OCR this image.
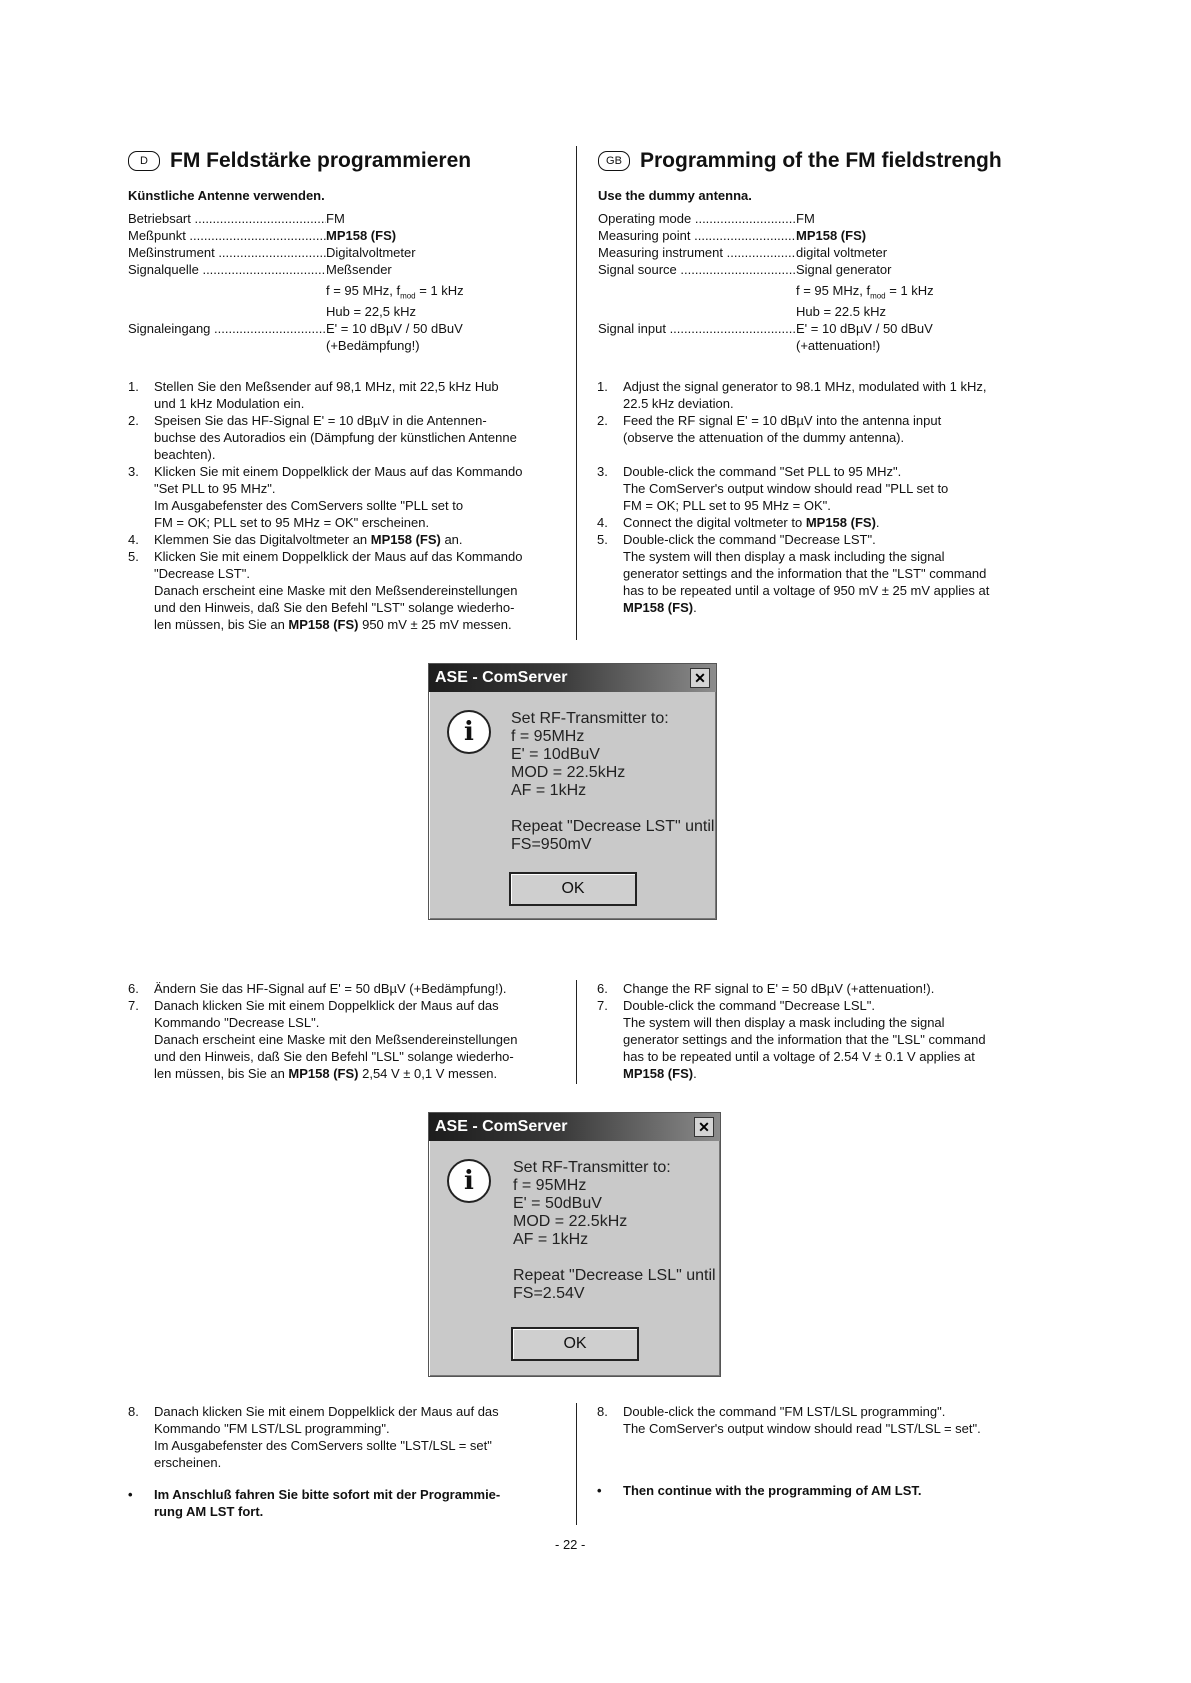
D	FM Feldstärke programmieren
Künstliche Antenne verwenden.
Betriebsart .....	FM
Meßpunkt .....	MP158 (FS)
Meßinstrument .....	Digitalvoltmeter
Signalquelle .....	Meßsender
f = 95 MHz, $f_{mod} = 1$ kHz
Hub = 22,5 kHz
Signaleingang .....	E' = 10 dBµV / 50 dBuV
(+Bedämpfung!)
GB Programming of the FM fieldstrengh
Use the dummy antenna.
Operating mode .....	FM
Measuring point .....	MP158 (FS)
Measuring instrument .....	digital voltmeter
Signal source .....	Signal generator
f = 95 MHz, $f_{mod} = 1$ kHz
Hub = 22.5 kHz
Signal input .....	E' = 10 dBµV / 50 dBuV
(+attenuation!)
1.	Stellen Sie den Meßsender auf 98,1 MHz, mit 22,5 kHz Hub
und 1 kHz Modulation ein.
2.	Speisen Sie das HF-Signal E' = 10 dBµV in die Antennen-
buchse des Autoradios ein (Dämpfung der künstlichen Antenne
beachten).
3.	Klicken Sie mit einem Doppelklick der Maus auf das Kommando
"Set PLL to 95 MHz".
Im Ausgabefenster des ComServers sollte "PLL set to
FM = OK; PLL set to 95 MHz = OK" erscheinen.
4.	Klemmen Sie das Digitalvoltmeter an MP158 (FS) an.
5.	Klicken Sie mit einem Doppelklick der Maus auf das Kommando
"Decrease LST".
Danach erscheint eine Maske mit den Meßsendereinstellungen
und den Hinweis, daß Sie den Befehl "LST" solange wiederho-
len müssen, bis Sie an MP158 (FS) 950 mV ± 25 mV messen.
1.	Adjust the signal generator to 98.1 MHz, modulated with 1 kHz,
22.5 kHz deviation.
2.	Feed the RF signal E' = 10 dBµV into the antenna input
(observe the attenuation of the dummy antenna).

3.	Double-click the command "Set PLL to 95 MHz".
The ComServer's output window should read "PLL set to
FM = OK; PLL set to 95 MHz = OK".
4.	Connect the digital voltmeter to MP158 (FS).
5.	Double-click the command "Decrease LST".
The system will then display a mask including the signal
generator settings and the information that the "LST" command
has to be repeated until a voltage of 950 mV ± 25 mV applies at
MP158 (FS).
ASE - ComServer	✕
i	Set RF-Transmitter to:
f = 95MHz
E' = 10dBuV
MOD = 22.5kHz
AF = 1kHz

Repeat "Decrease LST" until
FS=950mV
OK
6.	Ändern Sie das HF-Signal auf E' = 50 dBµV (+Bedämpfung!).
7.	Danach klicken Sie mit einem Doppelklick der Maus auf das
Kommando "Decrease LSL".
Danach erscheint eine Maske mit den Meßsendereinstellungen
und den Hinweis, daß Sie den Befehl "LSL" solange wiederho-
len müssen, bis Sie an MP158 (FS) 2,54 V ± 0,1 V messen.
6.	Change the RF signal to E' = 50 dBµV (+attenuation!).
7.	Double-click the command "Decrease LSL".
The system will then display a mask including the signal
generator settings and the information that the "LSL" command
has to be repeated until a voltage of 2.54 V ± 0.1 V applies at
MP158 (FS).
ASE - ComServer	✕
i	Set RF-Transmitter to:
f = 95MHz
E' = 50dBuV
MOD = 22.5kHz
AF = 1kHz

Repeat "Decrease LSL" until
FS=2.54V
OK
8.	Danach klicken Sie mit einem Doppelklick der Maus auf das
Kommando "FM LST/LSL programming".
Im Ausgabefenster des ComServers sollte "LST/LSL = set"
erscheinen.
•	Im Anschluß fahren Sie bitte sofort mit der Programmie-
rung AM LST fort.
8.	Double-click the command "FM LST/LSL programming".
The ComServer's output window should read "LST/LSL = set".
•	Then continue with the programming of AM LST.
- 22 -
